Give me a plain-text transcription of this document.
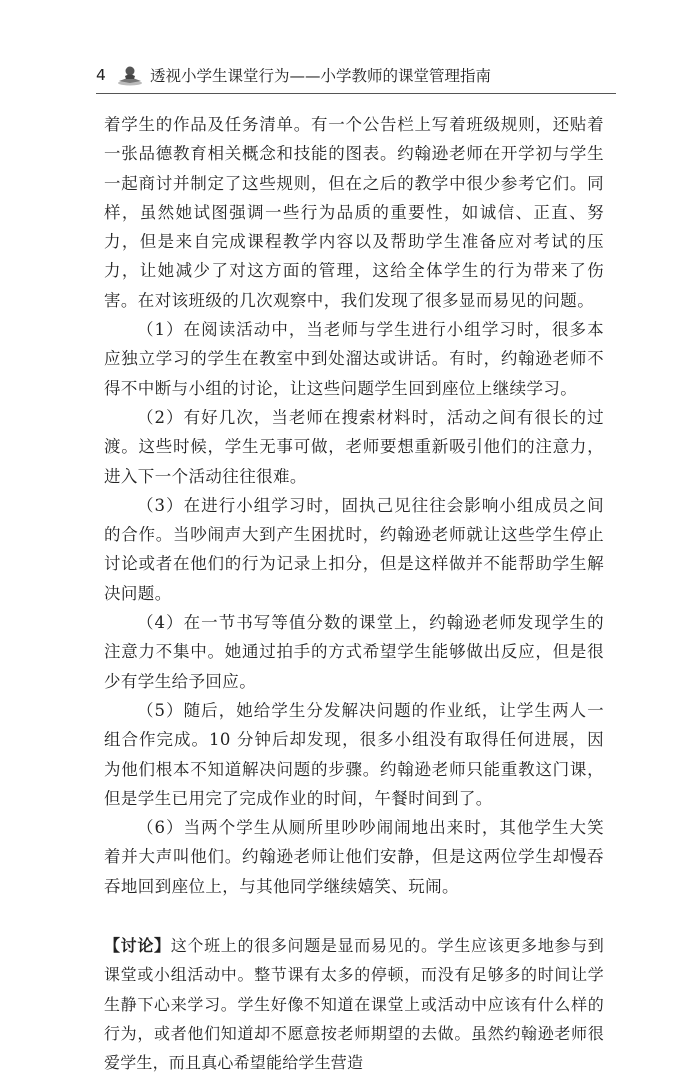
4	透视小学生课堂行为——小学教师的课堂管理指南

着学生的作品及任务清单。有一个公告栏上写着班级规则，还贴着一张品德教育相关概念和技能的图表。约翰逊老师在开学初与学生一起商讨并制定了这些规则，但在之后的教学中很少参考它们。同样，虽然她试图强调一些行为品质的重要性，如诚信、正直、努力，但是来自完成课程教学内容以及帮助学生准备应对考试的压力，让她减少了对这方面的管理，这给全体学生的行为带来了伤害。在对该班级的几次观察中，我们发现了很多显而易见的问题。

（1）在阅读活动中，当老师与学生进行小组学习时，很多本应独立学习的学生在教室中到处溜达或讲话。有时，约翰逊老师不得不中断与小组的讨论，让这些问题学生回到座位上继续学习。

（2）有好几次，当老师在搜索材料时，活动之间有很长的过渡。这些时候，学生无事可做，老师要想重新吸引他们的注意力，进入下一个活动往往很难。

（3）在进行小组学习时，固执己见往往会影响小组成员之间的合作。当吵闹声大到产生困扰时，约翰逊老师就让这些学生停止讨论或者在他们的行为记录上扣分，但是这样做并不能帮助学生解决问题。

（4）在一节书写等值分数的课堂上，约翰逊老师发现学生的注意力不集中。她通过拍手的方式希望学生能够做出反应，但是很少有学生给予回应。

（5）随后，她给学生分发解决问题的作业纸，让学生两人一组合作完成。10 分钟后却发现，很多小组没有取得任何进展，因为他们根本不知道解决问题的步骤。约翰逊老师只能重教这门课，但是学生已用完了完成作业的时间，午餐时间到了。

（6）当两个学生从厕所里吵吵闹闹地出来时，其他学生大笑着并大声叫他们。约翰逊老师让他们安静，但是这两位学生却慢吞吞地回到座位上，与其他同学继续嬉笑、玩闹。

【讨论】这个班上的很多问题是显而易见的。学生应该更多地参与到课堂或小组活动中。整节课有太多的停顿，而没有足够多的时间让学生静下心来学习。学生好像不知道在课堂上或活动中应该有什么样的行为，或者他们知道却不愿意按老师期望的去做。虽然约翰逊老师很爱学生，而且真心希望能给学生营造
